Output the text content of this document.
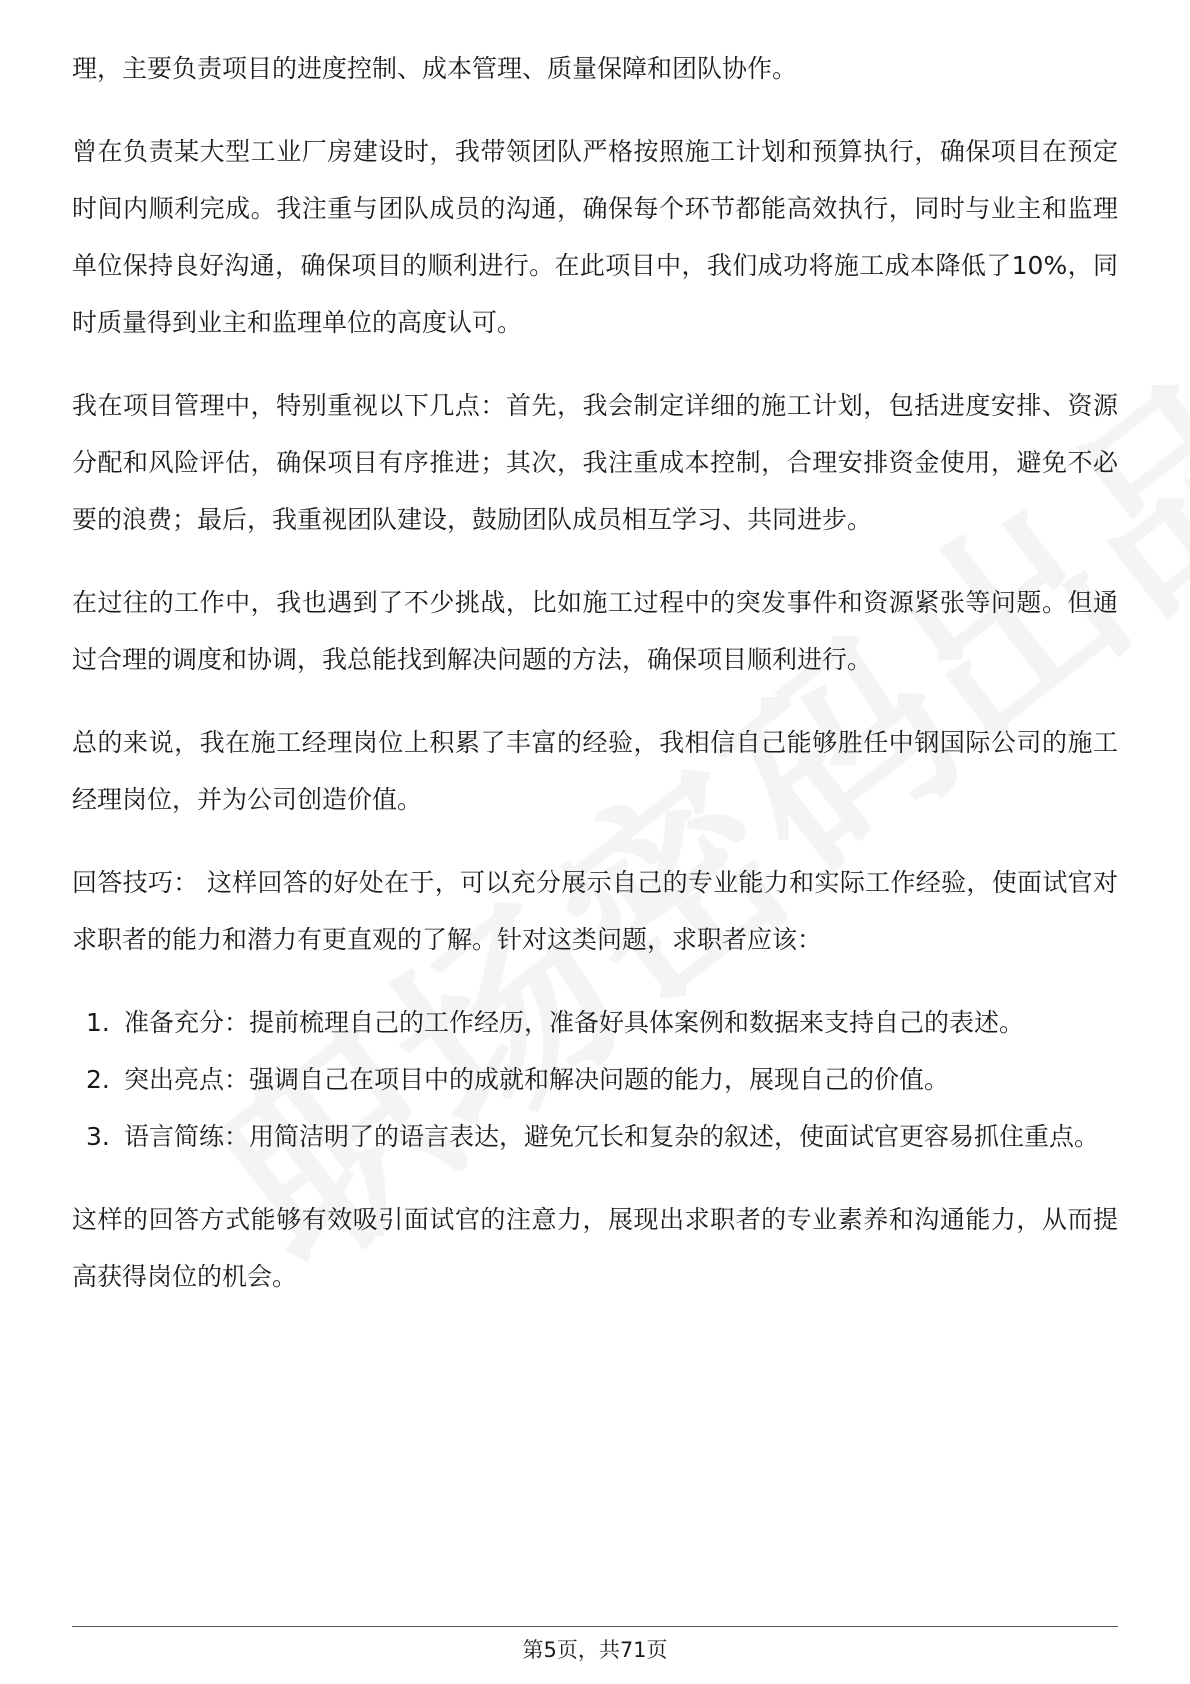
理，主要负责项目的进度控制、成本管理、质量保障和团队协作。

曾在负责某大型工业厂房建设时，我带领团队严格按照施工计划和预算执行，确保项目在预定时间内顺利完成。我注重与团队成员的沟通，确保每个环节都能高效执行，同时与业主和监理单位保持良好沟通，确保项目的顺利进行。在此项目中，我们成功将施工成本降低了10%，同时质量得到业主和监理单位的高度认可。

我在项目管理中，特别重视以下几点：首先，我会制定详细的施工计划，包括进度安排、资源分配和风险评估，确保项目有序推进；其次，我注重成本控制，合理安排资金使用，避免不必要的浪费；最后，我重视团队建设，鼓励团队成员相互学习、共同进步。

在过往的工作中，我也遇到了不少挑战，比如施工过程中的突发事件和资源紧张等问题。但通过合理的调度和协调，我总能找到解决问题的方法，确保项目顺利进行。

总的来说，我在施工经理岗位上积累了丰富的经验，我相信自己能够胜任中钢国际公司的施工经理岗位，并为公司创造价值。

回答技巧： 这样回答的好处在于，可以充分展示自己的专业能力和实际工作经验，使面试官对求职者的能力和潜力有更直观的了解。针对这类问题，求职者应该：

1. 准备充分：提前梳理自己的工作经历，准备好具体案例和数据来支持自己的表述。
2. 突出亮点：强调自己在项目中的成就和解决问题的能力，展现自己的价值。
3. 语言简练：用简洁明了的语言表达，避免冗长和复杂的叙述，使面试官更容易抓住重点。

这样的回答方式能够有效吸引面试官的注意力，展现出求职者的专业素养和沟通能力，从而提高获得岗位的机会。

第5页，共71页
